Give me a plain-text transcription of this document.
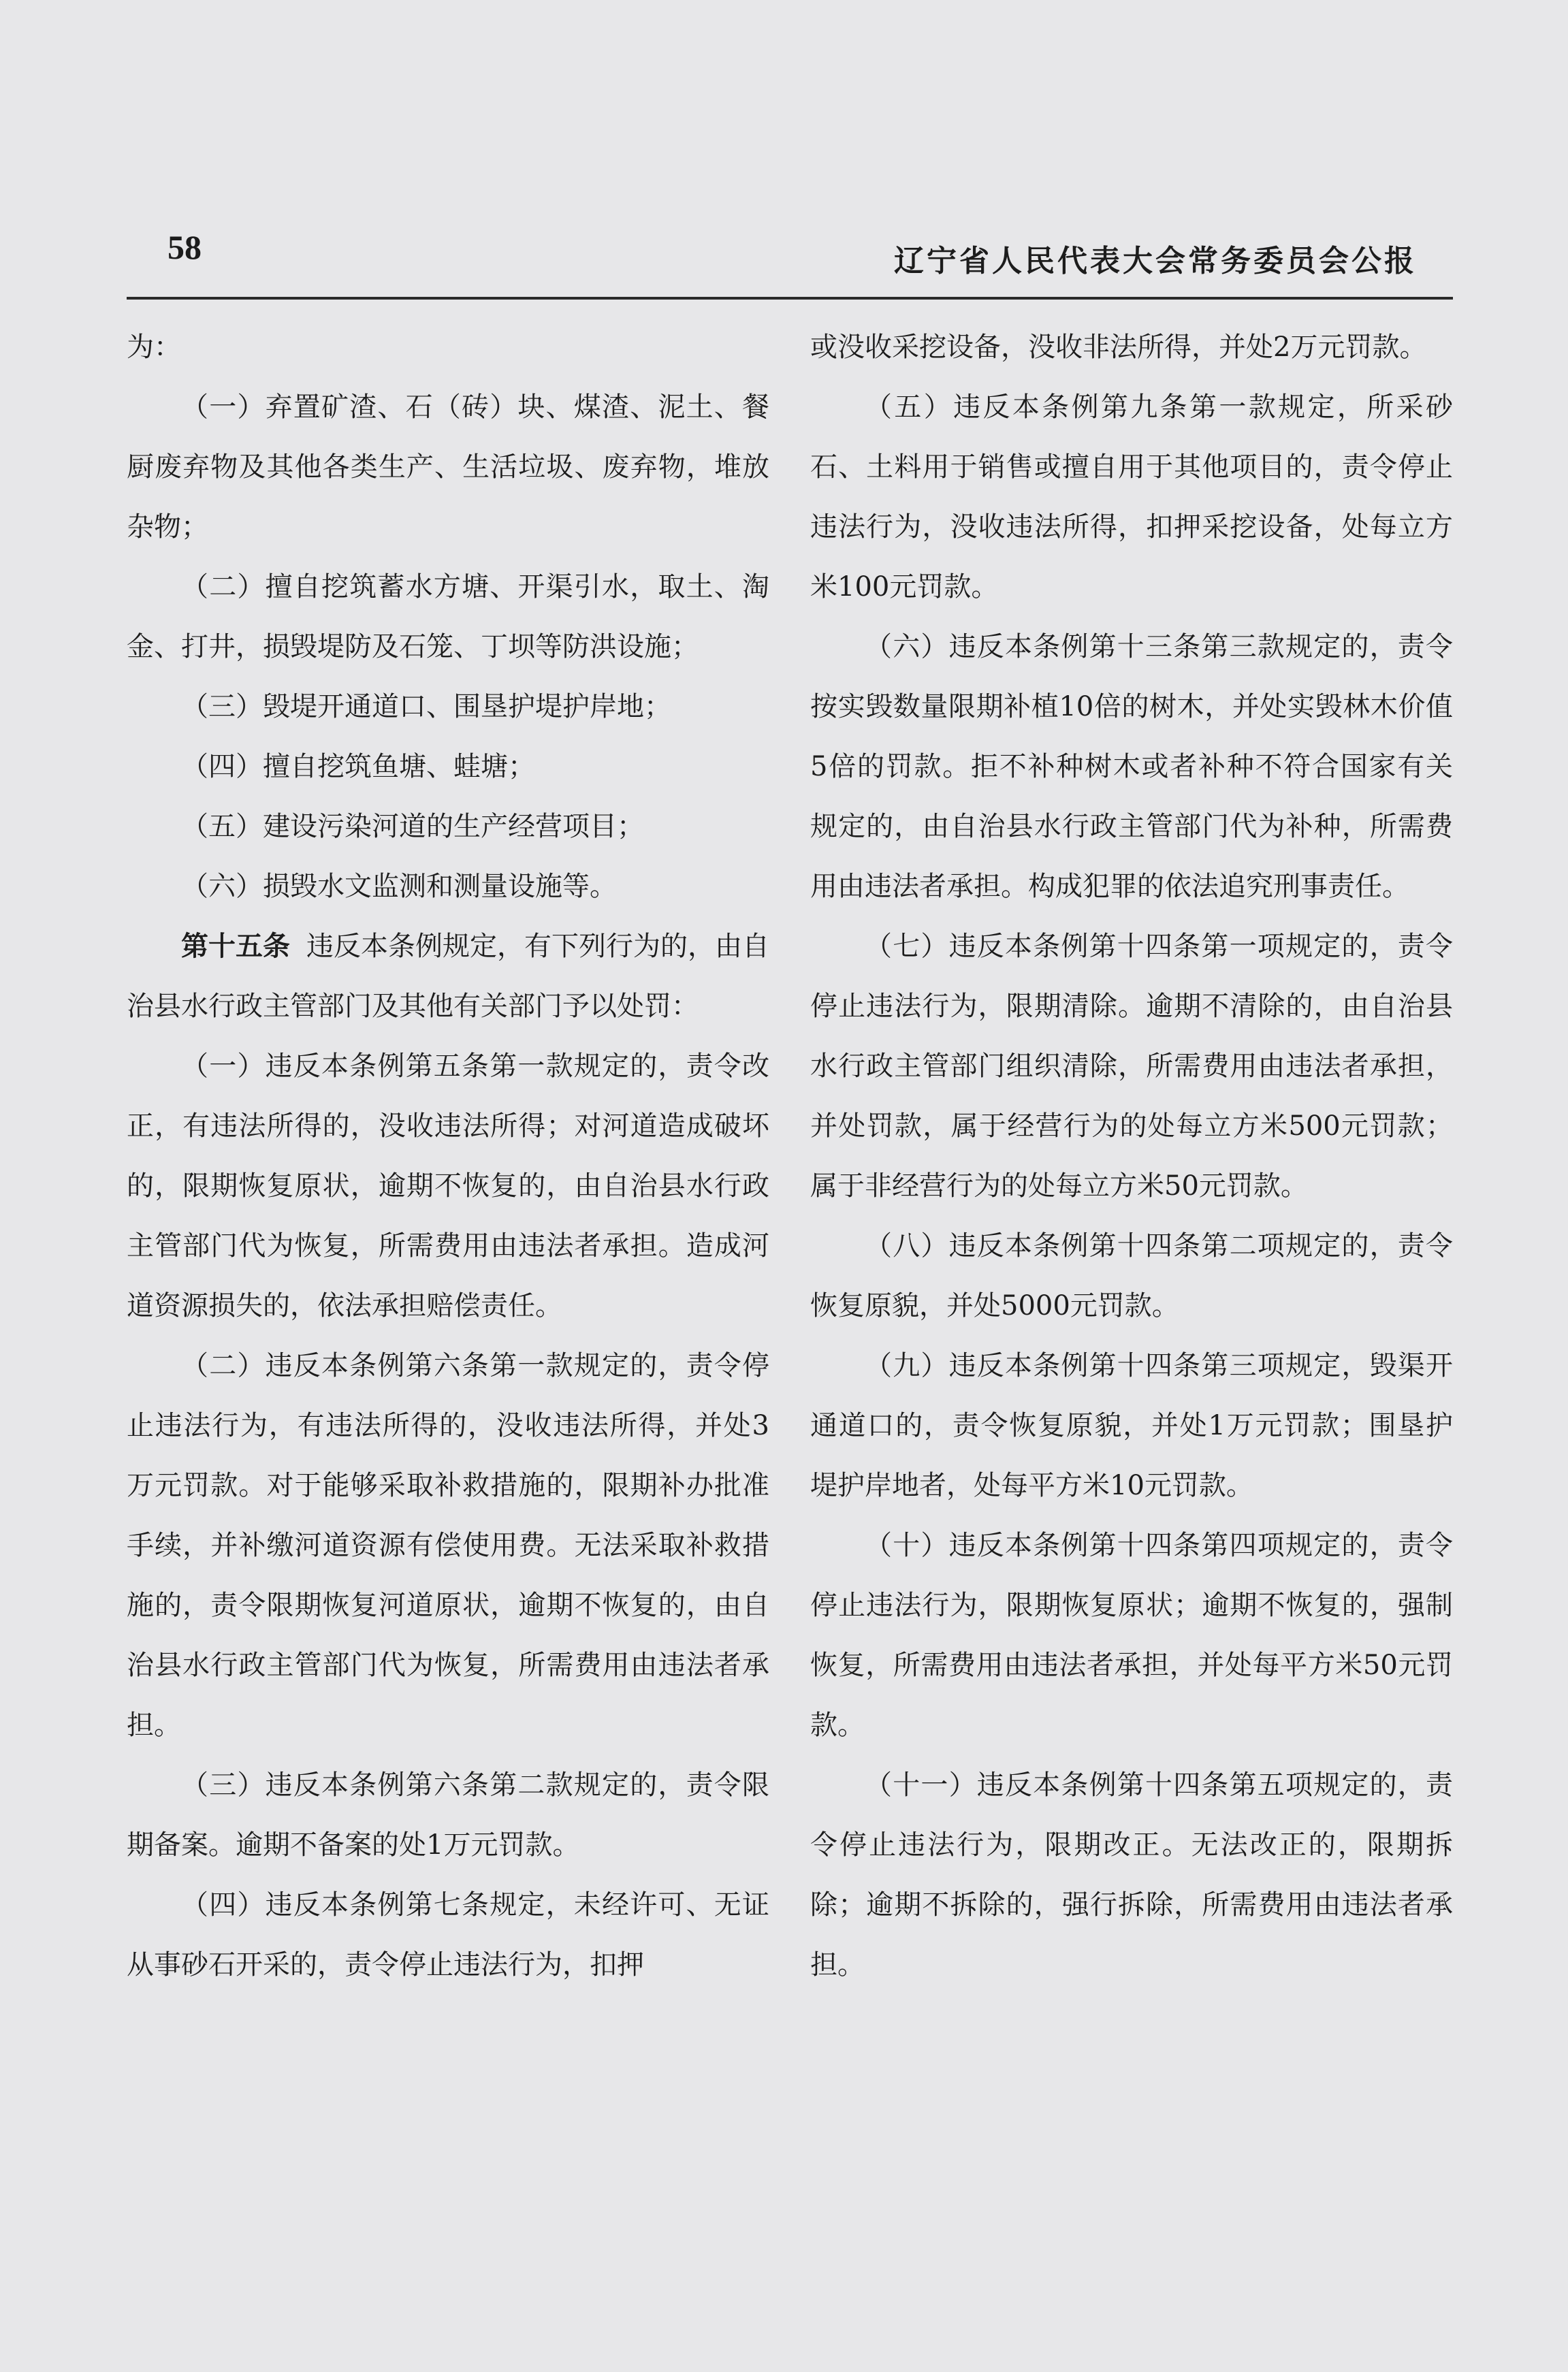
58	辽宁省人民代表大会常务委员会公报

为：

（一）弃置矿渣、石（砖）块、煤渣、泥土、餐厨废弃物及其他各类生产、生活垃圾、废弃物，堆放杂物；

（二）擅自挖筑蓄水方塘、开渠引水，取土、淘金、打井，损毁堤防及石笼、丁坝等防洪设施；

（三）毁堤开通道口、围垦护堤护岸地；

（四）擅自挖筑鱼塘、蛙塘；

（五）建设污染河道的生产经营项目；

（六）损毁水文监测和测量设施等。

第十五条 违反本条例规定，有下列行为的，由自治县水行政主管部门及其他有关部门予以处罚：

（一）违反本条例第五条第一款规定的，责令改正，有违法所得的，没收违法所得；对河道造成破坏的，限期恢复原状，逾期不恢复的，由自治县水行政主管部门代为恢复，所需费用由违法者承担。造成河道资源损失的，依法承担赔偿责任。

（二）违反本条例第六条第一款规定的，责令停止违法行为，有违法所得的，没收违法所得，并处3万元罚款。对于能够采取补救措施的，限期补办批准手续，并补缴河道资源有偿使用费。无法采取补救措施的，责令限期恢复河道原状，逾期不恢复的，由自治县水行政主管部门代为恢复，所需费用由违法者承担。

（三）违反本条例第六条第二款规定的，责令限期备案。逾期不备案的处1万元罚款。

（四）违反本条例第七条规定，未经许可、无证从事砂石开采的，责令停止违法行为，扣押

或没收采挖设备，没收非法所得，并处2万元罚款。

（五）违反本条例第九条第一款规定，所采砂石、土料用于销售或擅自用于其他项目的，责令停止违法行为，没收违法所得，扣押采挖设备，处每立方米100元罚款。

（六）违反本条例第十三条第三款规定的，责令按实毁数量限期补植10倍的树木，并处实毁林木价值5倍的罚款。拒不补种树木或者补种不符合国家有关规定的，由自治县水行政主管部门代为补种，所需费用由违法者承担。构成犯罪的依法追究刑事责任。

（七）违反本条例第十四条第一项规定的，责令停止违法行为，限期清除。逾期不清除的，由自治县水行政主管部门组织清除，所需费用由违法者承担，并处罚款，属于经营行为的处每立方米500元罚款；属于非经营行为的处每立方米50元罚款。

（八）违反本条例第十四条第二项规定的，责令恢复原貌，并处5000元罚款。

（九）违反本条例第十四条第三项规定，毁渠开通道口的，责令恢复原貌，并处1万元罚款；围垦护堤护岸地者，处每平方米10元罚款。

（十）违反本条例第十四条第四项规定的，责令停止违法行为，限期恢复原状；逾期不恢复的，强制恢复，所需费用由违法者承担，并处每平方米50元罚款。

（十一）违反本条例第十四条第五项规定的，责令停止违法行为，限期改正。无法改正的，限期拆除；逾期不拆除的，强行拆除，所需费用由违法者承担。
